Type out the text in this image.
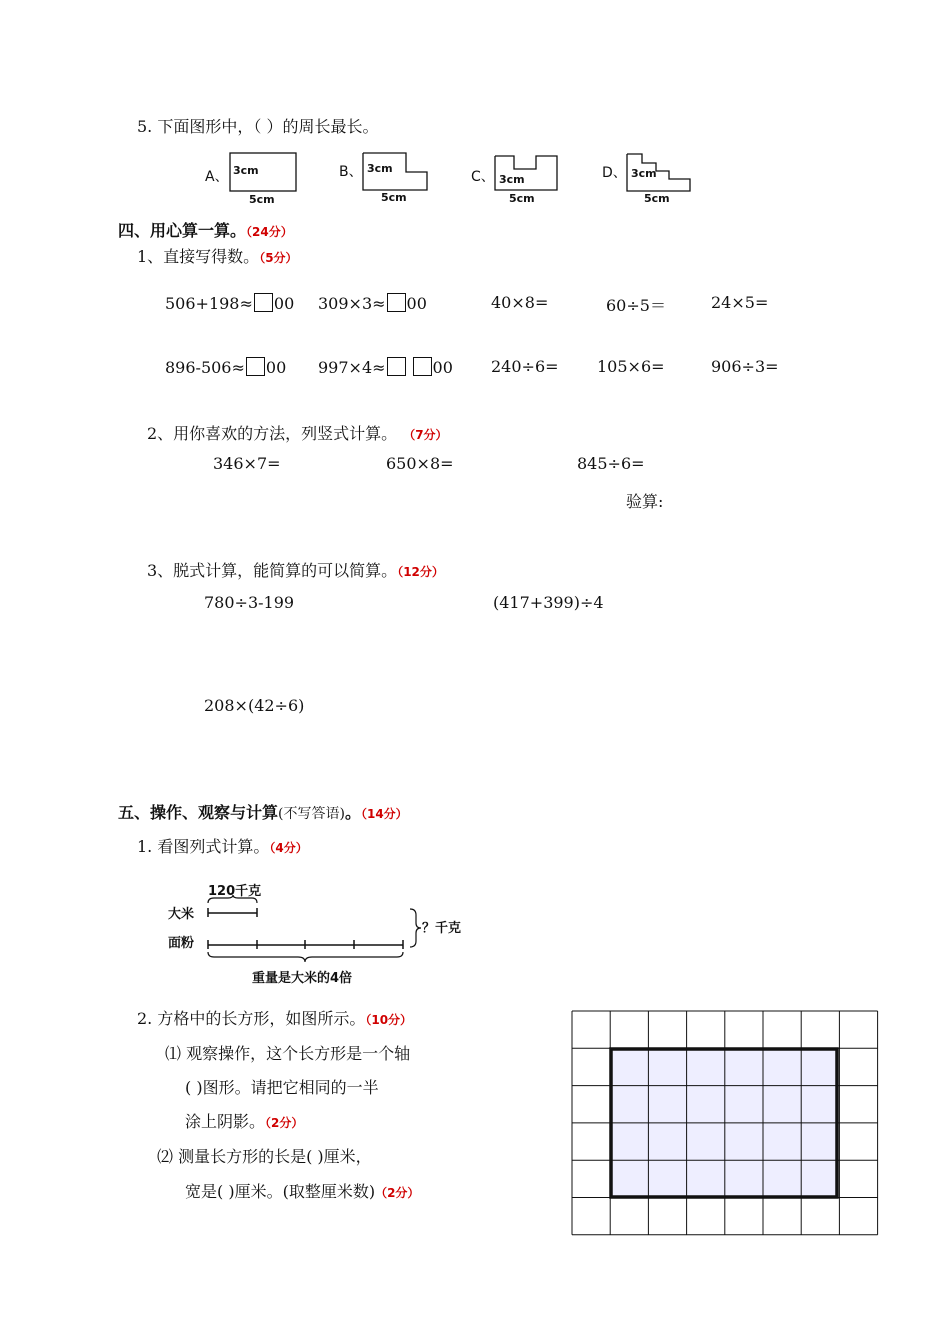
5. 下面图形中，（ ）的周长最长。
A、 3cm
5cm
B、 3cm
5cm
C、 3cm
5cm
D、 3cm
5cm
四、用心算一算。（24分）
1、直接写得数。（5分）
506+198≈ 00 309×3≈ 00	40×8=	60÷5＝	24×5=
896-506≈ 00 997×4≈	00 240÷6= 105×6=	906÷3=
2、用你喜欢的方法，列竖式计算。 （7分）
346×7=	650×8=	845÷6=
验算:
3、脱式计算，能简算的可以简算。（12分）
780÷3-199	(417+399)÷4
208×(42÷6)
五、操作、观察与计算(不写答语)。（14分）
1. 看图列式计算。（4分）
120千克
大米
面粉
？千克
重量是大米的4倍
2. 方格中的长方形，如图所示。（10分）
⑴ 观察操作，这个长方形是一个轴
( )图形。请把它相同的一半
涂上阴影。（2分）
⑵ 测量长方形的长是( )厘米，
宽是( )厘米。(取整厘米数)（2分）
